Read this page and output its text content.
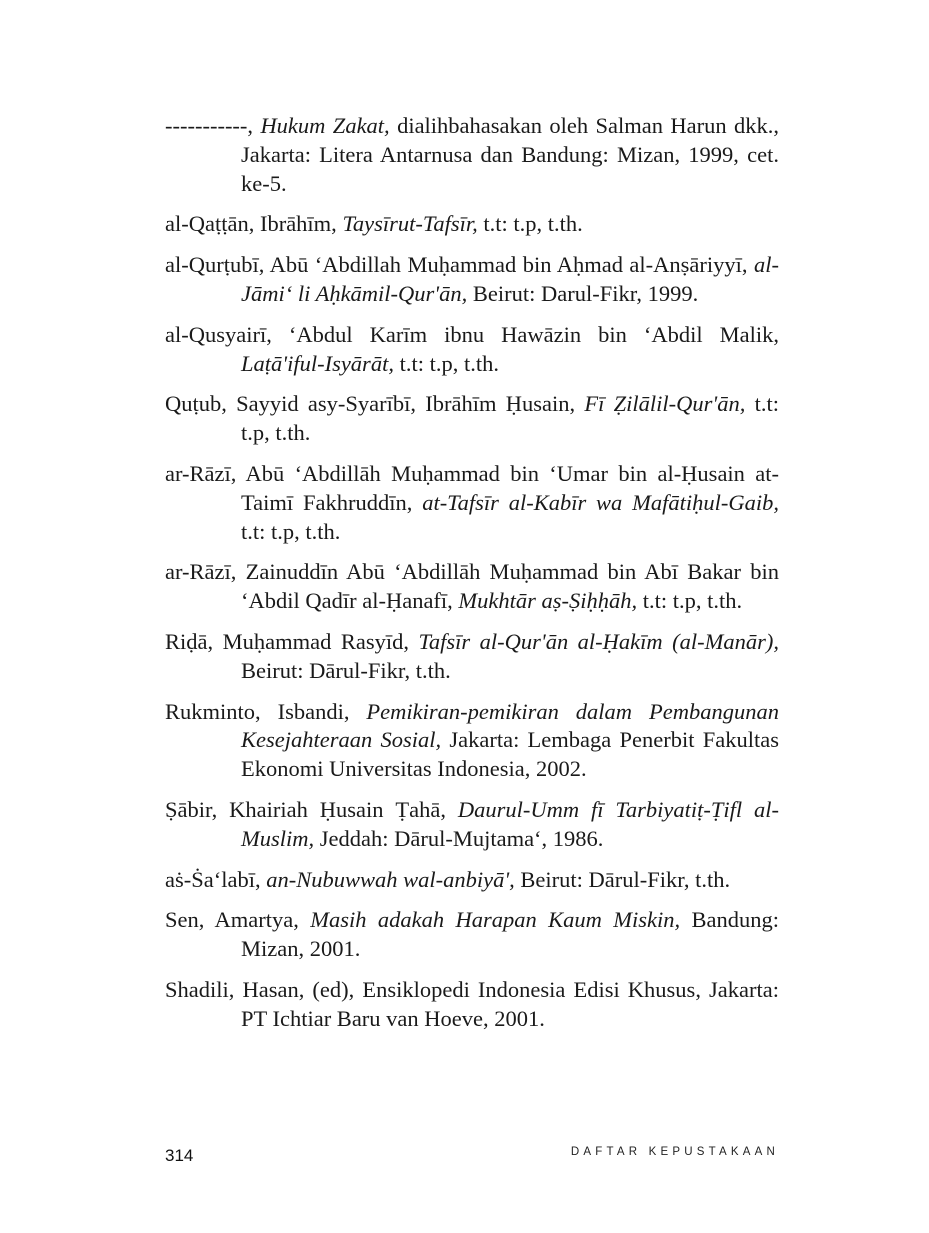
-----------, Hukum Zakat, dialihbahasakan oleh Salman Harun dkk., Jakarta: Litera Antarnusa dan Bandung: Mizan, 1999, cet. ke-5.
al-Qaṭṭān, Ibrāhīm, Taysīrut-Tafsīr, t.t: t.p, t.th.
al-Qurṭubī, Abū ‘Abdillah Muḥammad bin Aḥmad al-Anṣāriyyī, al-Jāmi‘ li Aḥkāmil-Qur'ān, Beirut: Darul-Fikr, 1999.
al-Qusyairī, ‘Abdul Karīm ibnu Hawāzin bin ‘Abdil Malik, Laṭā'iful-Isyārāt, t.t: t.p, t.th.
Quṭub, Sayyid asy-Syarībī, Ibrāhīm Ḥusain, Fī Ẓilālil-Qur'ān, t.t: t.p, t.th.
ar-Rāzī, Abū ‘Abdillāh Muḥammad bin ‘Umar bin al-Ḥusain at-Taimī Fakhruddīn, at-Tafsīr al-Kabīr wa Mafātiḥul-Gaib, t.t: t.p, t.th.
ar-Rāzī, Zainuddīn Abū ‘Abdillāh Muḥammad bin Abī Bakar bin ‘Abdil Qadīr al-Ḥanafī, Mukhtār aṣ-Ṣiḥḥāh, t.t: t.p, t.th.
Riḍā, Muḥammad Rasyīd, Tafsīr al-Qur'ān al-Ḥakīm (al-Manār), Beirut: Dārul-Fikr, t.th.
Rukminto, Isbandi, Pemikiran-pemikiran dalam Pembangunan Kesejahteraan Sosial, Jakarta: Lembaga Penerbit Fakultas Ekonomi Universitas Indonesia, 2002.
Ṣābir, Khairiah Ḥusain Ṭahā, Daurul-Umm fī Tarbiyatiṭ-Ṭifl al-Muslim, Jeddah: Dārul-Mujtama‘, 1986.
aṡ-Ṡa‘labī, an-Nubuwwah wal-anbiyā', Beirut: Dārul-Fikr, t.th.
Sen, Amartya, Masih adakah Harapan Kaum Miskin, Bandung: Mizan, 2001.
Shadili, Hasan, (ed), Ensiklopedi Indonesia Edisi Khusus, Jakarta: PT Ichtiar Baru van Hoeve, 2001.
314	DAFTAR KEPUSTAKAAN
